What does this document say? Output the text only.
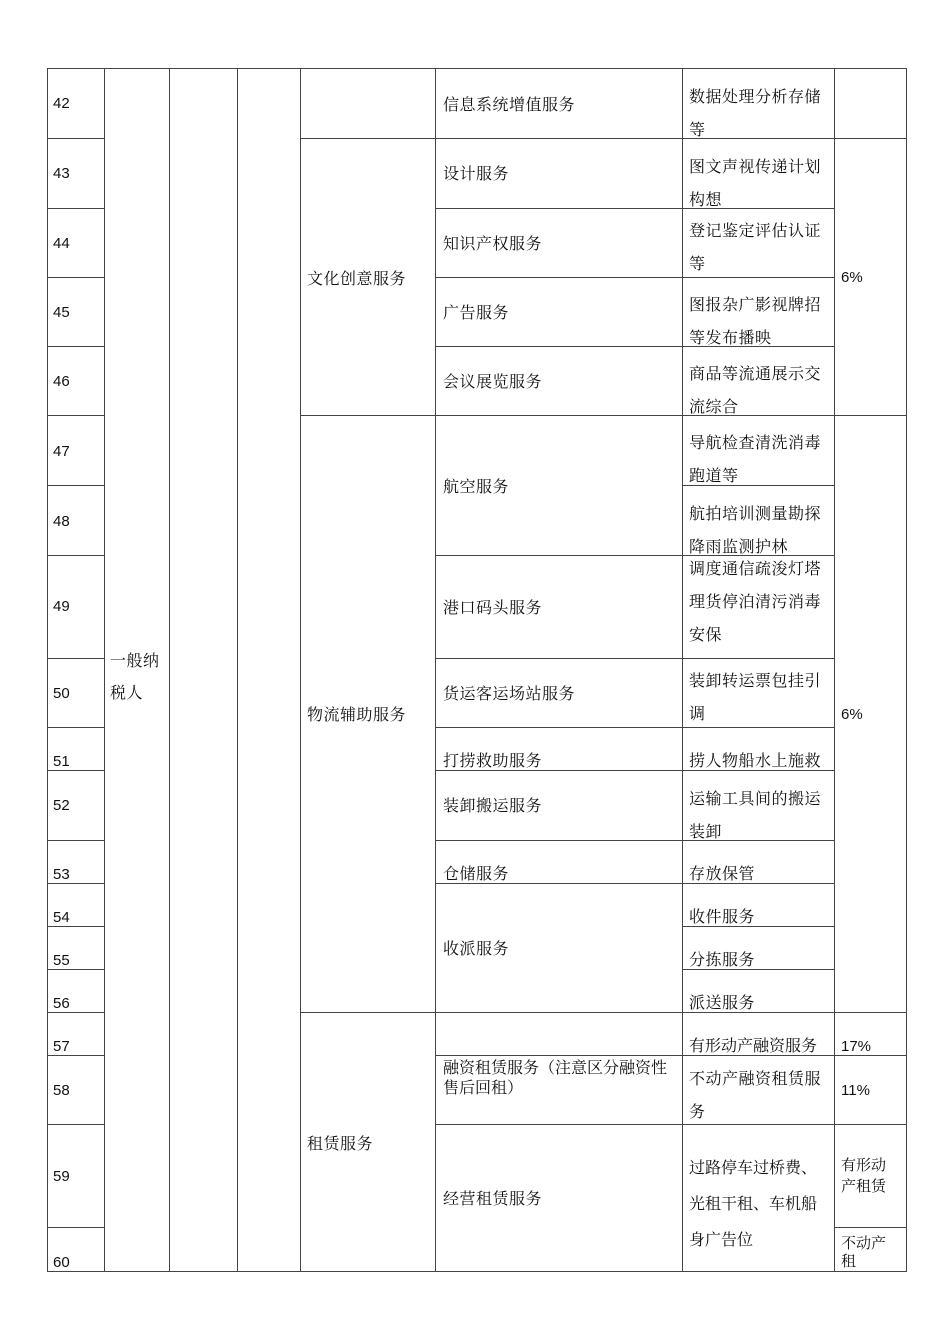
42
43
44
45
46
47
48
49
50
51
52
53
54
55
56
57
58
59
60
一般纳税人
文化创意服务
物流辅助服务
租赁服务
信息系统增值服务
设计服务
知识产权服务
广告服务
会议展览服务
航空服务
港口码头服务
货运客运场站服务
打捞救助服务
装卸搬运服务
仓储服务
收派服务
融资租赁服务（注意区分融资性售后回租）
经营租赁服务
数据处理分析存储等
图文声视传递计划构想
登记鉴定评估认证等
图报杂广影视牌招等发布播映
商品等流通展示交流综合
导航检查清洗消毒跑道等
航拍培训测量勘探降雨监测护林
调度通信疏浚灯塔理货停泊清污消毒安保
装卸转运票包挂引调
捞人物船水上施救
运输工具间的搬运装卸
存放保管
收件服务
分拣服务
派送服务
有形动产融资服务
不动产融资租赁服务
过路停车过桥费、光租干租、车机船身广告位
6%
6%
17%
11%
有形动产租赁
不动产租
